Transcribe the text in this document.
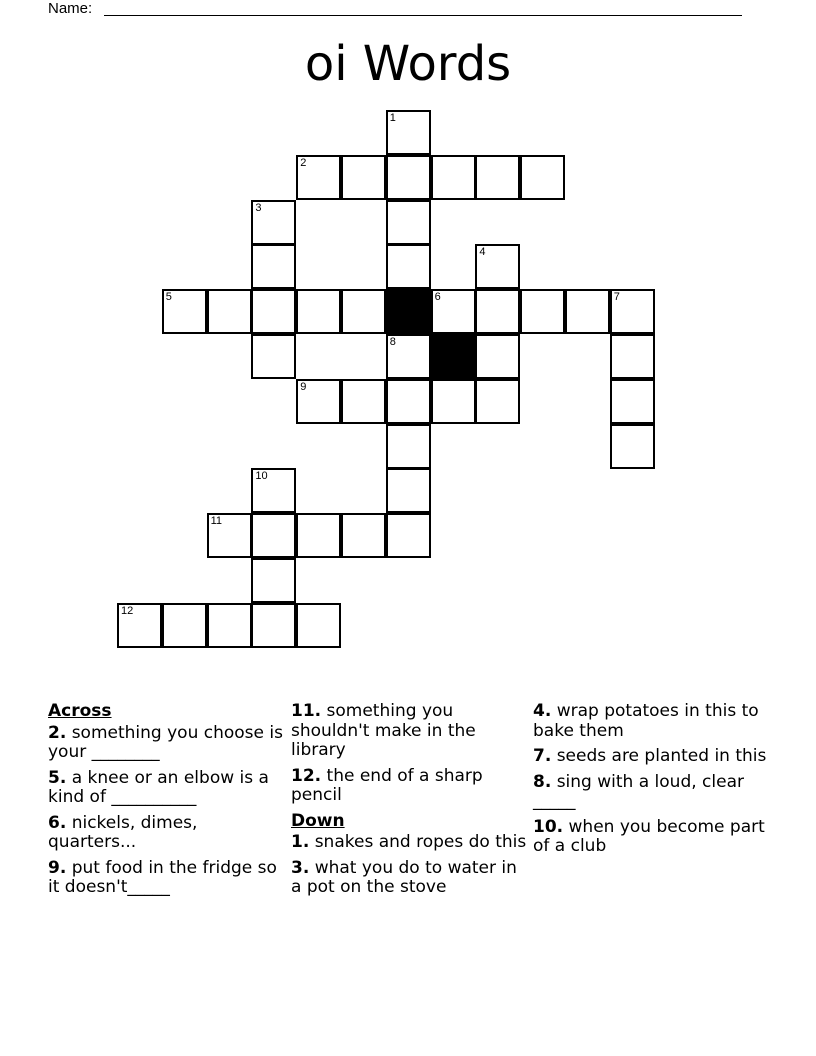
Name:
oi Words
1
2
3
4
5	6	7
8
9
10
11
12
Across
2. something you choose is your ________
5. a knee or an elbow is a kind of __________
6. nickels, dimes, quarters...
9. put food in the fridge so it doesn't_____
11. something you shouldn't make in the library
12. the end of a sharp pencil
Down
1. snakes and ropes do this
3. what you do to water in a pot on the stove
4. wrap potatoes in this to bake them
7. seeds are planted in this
8. sing with a loud, clear _____
10. when you become part of a club
